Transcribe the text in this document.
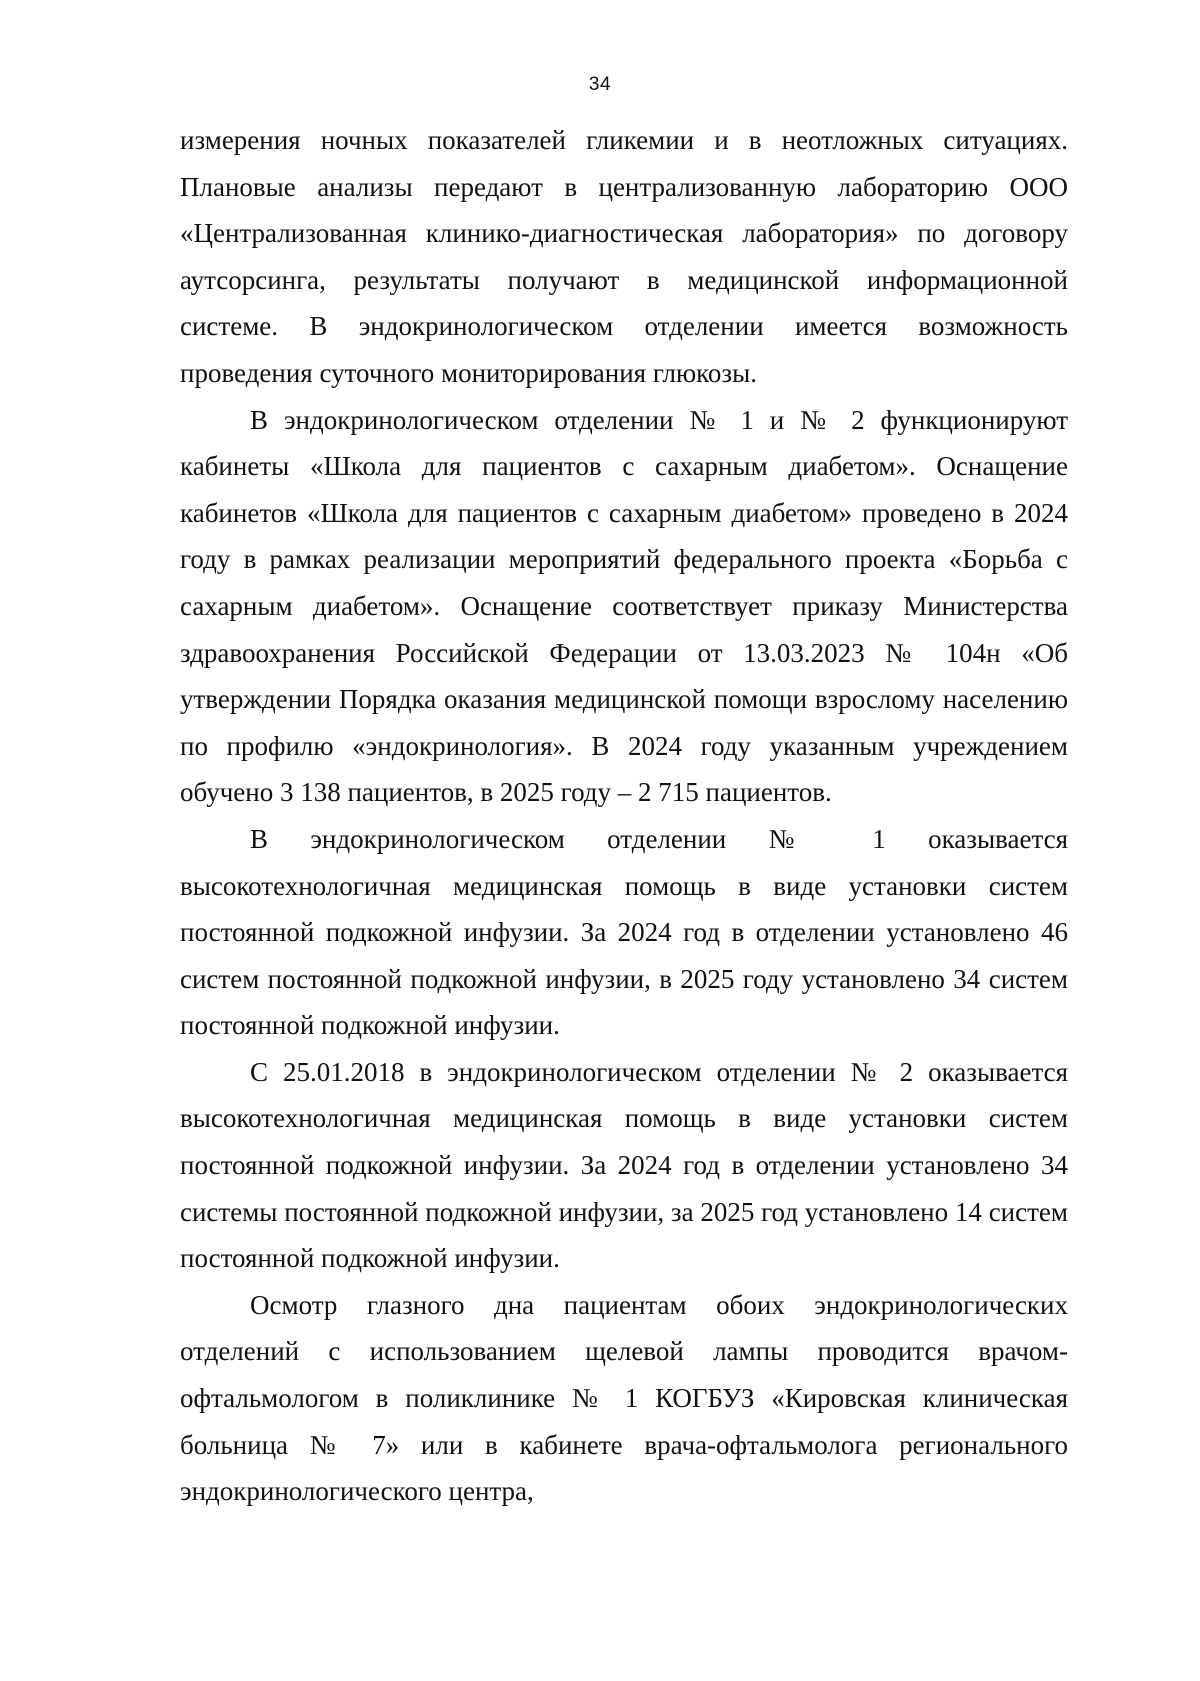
34

измерения ночных показателей гликемии и в неотложных ситуациях. Плановые анализы передают в централизованную лабораторию ООО «Централизованная клинико-диагностическая лаборатория» по договору аутсорсинга, результаты получают в медицинской информационной системе. В эндокринологическом отделении имеется возможность проведения суточного мониторирования глюкозы.

В эндокринологическом отделении № 1 и № 2 функционируют кабинеты «Школа для пациентов с сахарным диабетом». Оснащение кабинетов «Школа для пациентов с сахарным диабетом» проведено в 2024 году в рамках реализации мероприятий федерального проекта «Борьба с сахарным диабетом». Оснащение соответствует приказу Министерства здравоохранения Российской Федерации от 13.03.2023 № 104н «Об утверждении Порядка оказания медицинской помощи взрослому населению по профилю «эндокринология». В 2024 году указанным учреждением обучено 3 138 пациентов, в 2025 году – 2 715 пациентов.

В эндокринологическом отделении № 1 оказывается высокотехнологичная медицинская помощь в виде установки систем постоянной подкожной инфузии. За 2024 год в отделении установлено 46 систем постоянной подкожной инфузии, в 2025 году установлено 34 систем постоянной подкожной инфузии.

С 25.01.2018 в эндокринологическом отделении № 2 оказывается высокотехнологичная медицинская помощь в виде установки систем постоянной подкожной инфузии. За 2024 год в отделении установлено 34 системы постоянной подкожной инфузии, за 2025 год установлено 14 систем постоянной подкожной инфузии.

Осмотр глазного дна пациентам обоих эндокринологических отделений с использованием щелевой лампы проводится врачом-офтальмологом в поликлинике № 1 КОГБУЗ «Кировская клиническая больница № 7» или в кабинете врача-офтальмолога регионального эндокринологического центра,
